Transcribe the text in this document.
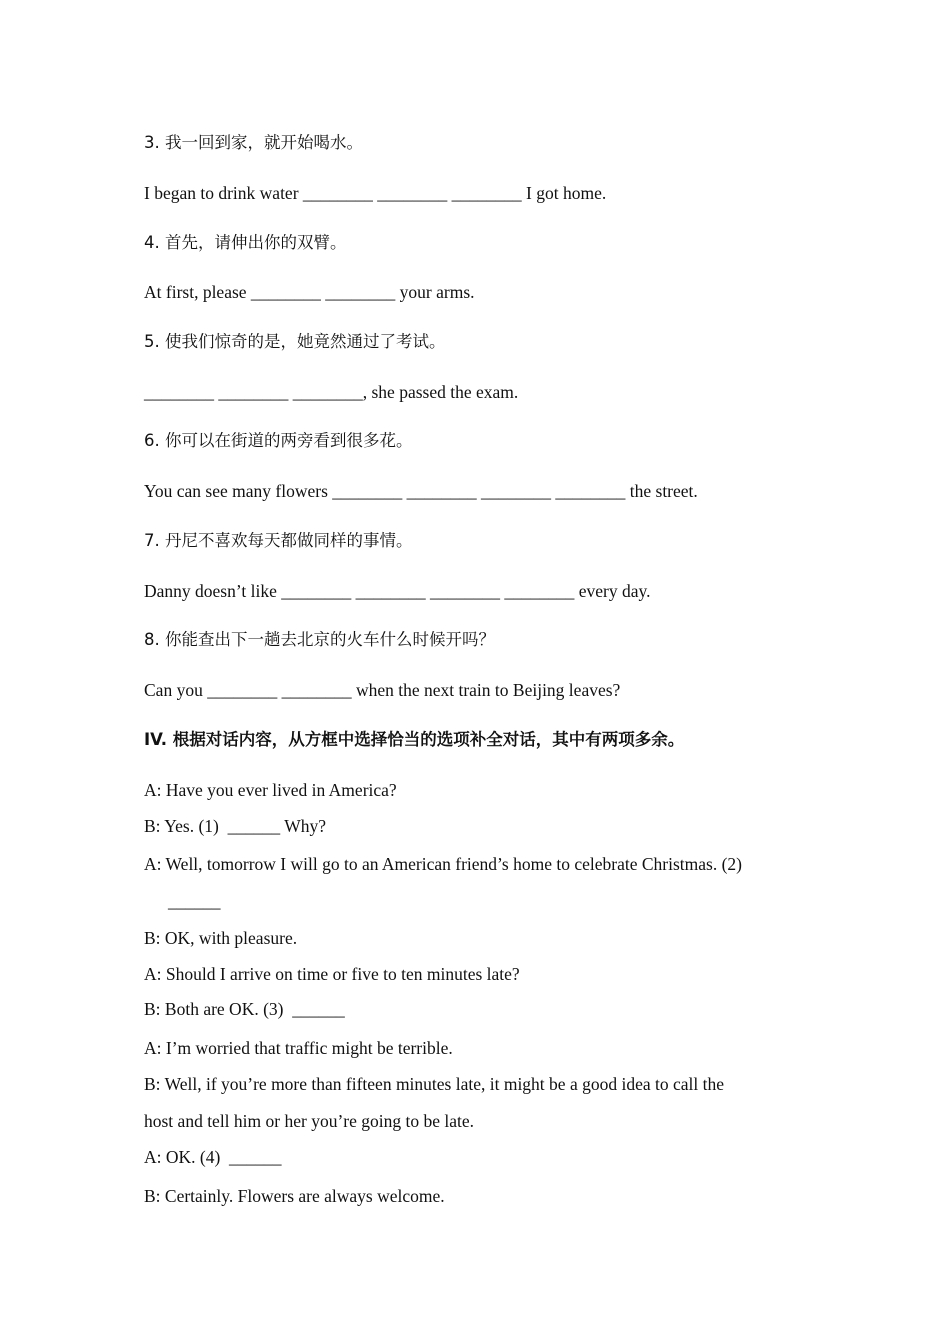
3. 我一回到家，就开始喝水。
I began to drink water ________ ________ ________ I got home.
4. 首先，请伸出你的双臂。
At first, please ________ ________ your arms.
5. 使我们惊奇的是，她竟然通过了考试。
________ ________ ________, she passed the exam.
6. 你可以在街道的两旁看到很多花。
You can see many flowers ________ ________ ________ ________ the street.
7. 丹尼不喜欢每天都做同样的事情。
Danny doesn’t like ________ ________ ________ ________ every day.
8. 你能查出下一趟去北京的火车什么时候开吗？
Can you ________ ________ when the next train to Beijing leaves?
IV. 根据对话内容，从方框中选择恰当的选项补全对话，其中有两项多余。
A: Have you ever lived in America?
B: Yes. (1)  ______ Why?
A: Well, tomorrow I will go to an American friend’s home to celebrate Christmas. (2)
______
B: OK, with pleasure.
A: Should I arrive on time or five to ten minutes late?
B: Both are OK. (3)  ______
A: I’m worried that traffic might be terrible.
B: Well, if you’re more than fifteen minutes late, it might be a good idea to call the
host and tell him or her you’re going to be late.
A: OK. (4)  ______
B: Certainly. Flowers are always welcome.
